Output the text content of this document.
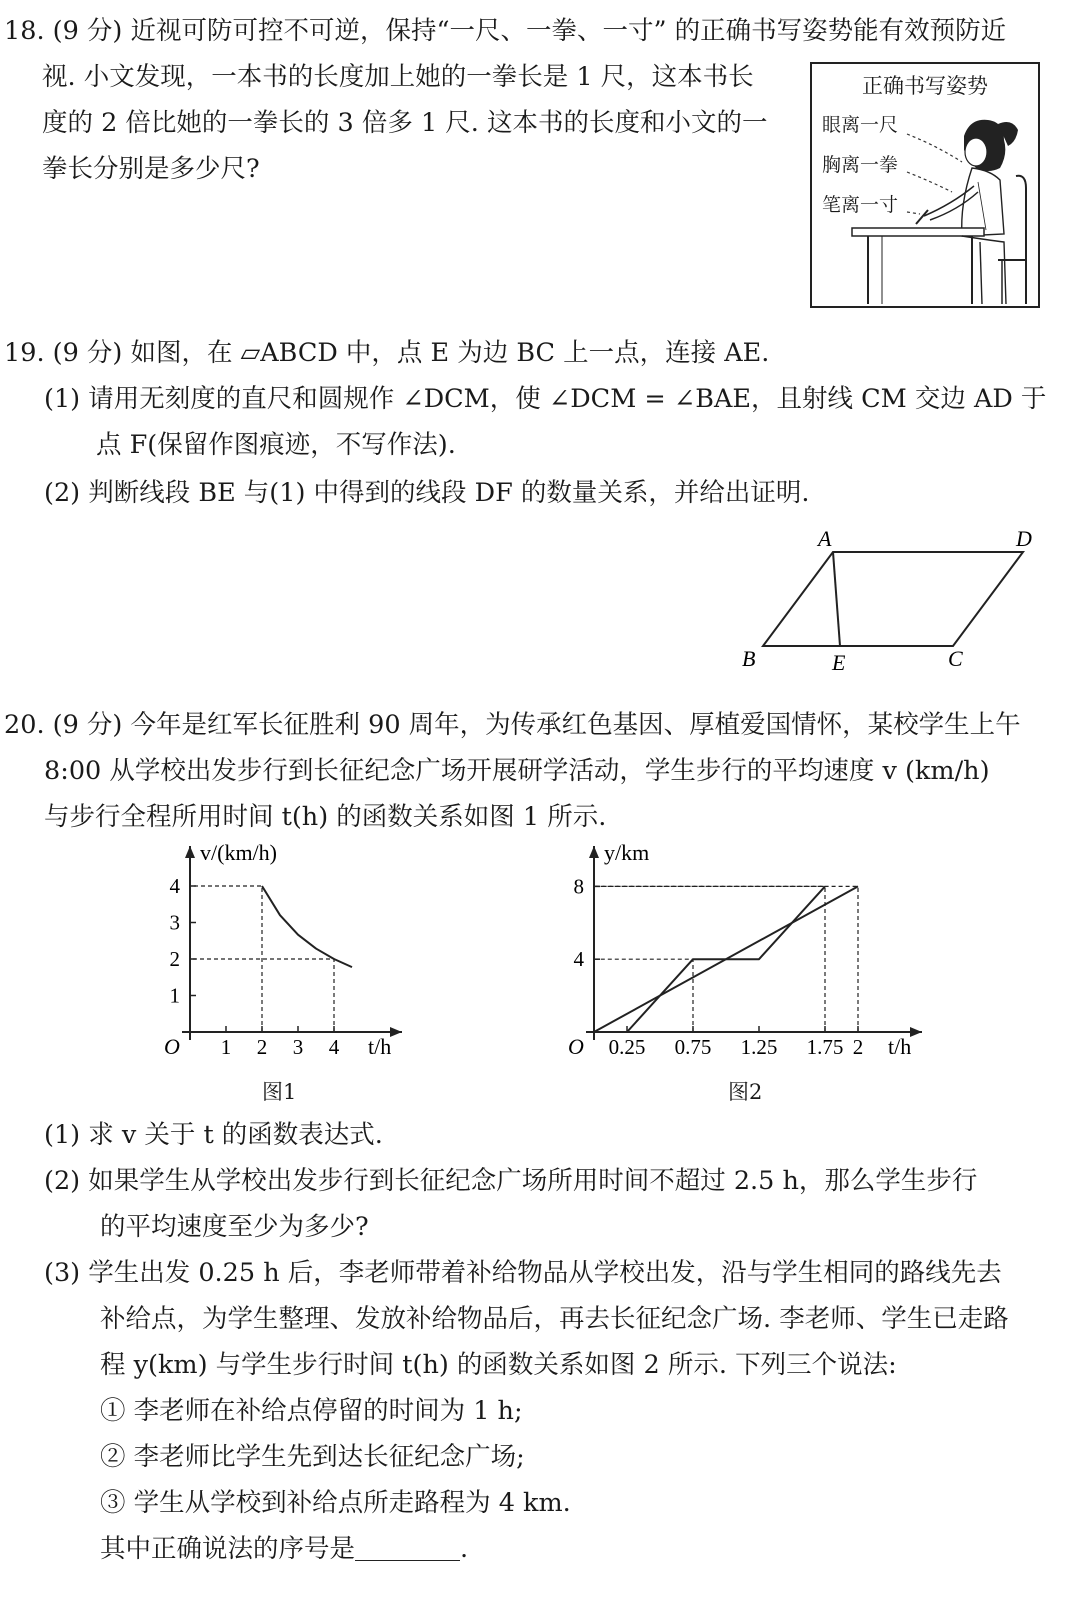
18. (9 分) 近视可防可控不可逆，保持“一尺、一拳、一寸” 的正确书写姿势能有效预防近
视. 小文发现，一本书的长度加上她的一拳长是 1 尺，这本书长
度的 2 倍比她的一拳长的 3 倍多 1 尺. 这本书的长度和小文的一
拳长分别是多少尺?
正确书写姿势
眼离一尺
胸离一拳
笔离一寸
19. (9 分) 如图，在 ▱ABCD 中，点 E 为边 BC 上一点，连接 AE.
(1) 请用无刻度的直尺和圆规作 ∠DCM，使 ∠DCM = ∠BAE，且射线 CM 交边 AD 于
点 F(保留作图痕迹，不写作法).
(2) 判断线段 BE 与(1) 中得到的线段 DF 的数量关系，并给出证明.
A	D
B	E	C
20. (9 分) 今年是红军长征胜利 90 周年，为传承红色基因、厚植爱国情怀，某校学生上午
8:00 从学校出发步行到长征纪念广场开展研学活动，学生步行的平均速度 v (km/h)
与步行全程所用时间 t(h) 的函数关系如图 1 所示.
O	t/h
v/(km/h)
1 2 3 4
1
2
3
4
图1
O	t/h
y/km
0.25 0.75 1.25 1.75 2
4
8
图2
(1) 求 v 关于 t 的函数表达式.
(2) 如果学生从学校出发步行到长征纪念广场所用时间不超过 2.5 h，那么学生步行
的平均速度至少为多少?
(3) 学生出发 0.25 h 后，李老师带着补给物品从学校出发，沿与学生相同的路线先去
补给点，为学生整理、发放补给物品后，再去长征纪念广场. 李老师、学生已走路
程 y(km) 与学生步行时间 t(h) 的函数关系如图 2 所示. 下列三个说法:
① 李老师在补给点停留的时间为 1 h;
② 李老师比学生先到达长征纪念广场;
③ 学生从学校到补给点所走路程为 4 km.
其中正确说法的序号是	.
